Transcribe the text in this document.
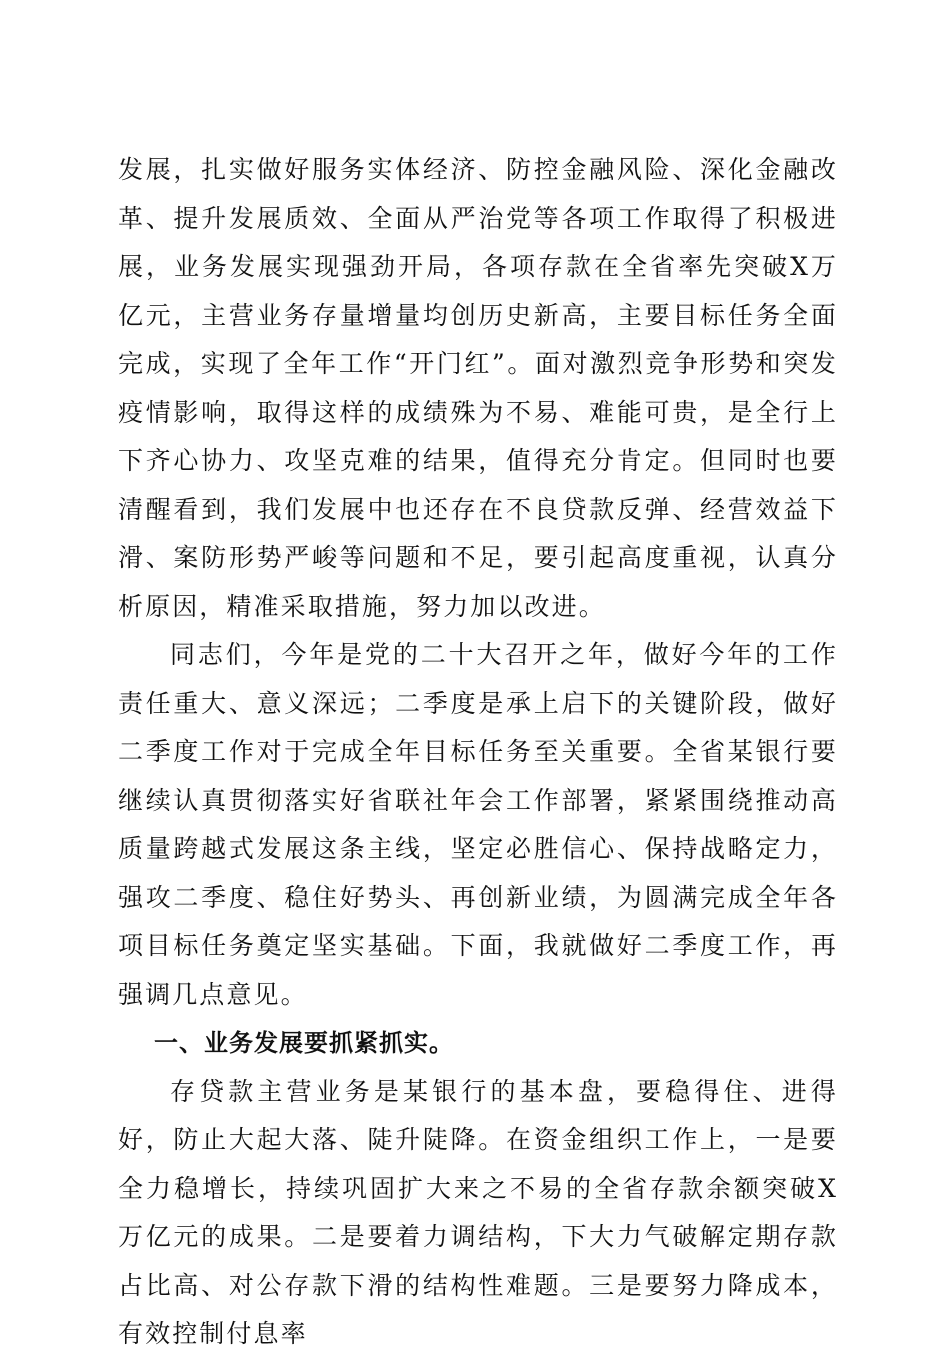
发展，扎实做好服务实体经济、防控金融风险、深化金融改革、提升发展质效、全面从严治党等各项工作取得了积极进展，业务发展实现强劲开局，各项存款在全省率先突破X万亿元，主营业务存量增量均创历史新高，主要目标任务全面完成，实现了全年工作“开门红”。面对激烈竞争形势和突发疫情影响，取得这样的成绩殊为不易、难能可贵，是全行上下齐心协力、攻坚克难的结果，值得充分肯定。但同时也要清醒看到，我们发展中也还存在不良贷款反弹、经营效益下滑、案防形势严峻等问题和不足，要引起高度重视，认真分析原因，精准采取措施，努力加以改进。

同志们，今年是党的二十大召开之年，做好今年的工作责任重大、意义深远；二季度是承上启下的关键阶段，做好二季度工作对于完成全年目标任务至关重要。全省某银行要继续认真贯彻落实好省联社年会工作部署，紧紧围绕推动高质量跨越式发展这条主线，坚定必胜信心、保持战略定力，强攻二季度、稳住好势头、再创新业绩，为圆满完成全年各项目标任务奠定坚实基础。下面，我就做好二季度工作，再强调几点意见。

一、业务发展要抓紧抓实。

存贷款主营业务是某银行的基本盘，要稳得住、进得好，防止大起大落、陡升陡降。在资金组织工作上，一是要全力稳增长，持续巩固扩大来之不易的全省存款余额突破X万亿元的成果。二是要着力调结构，下大力气破解定期存款占比高、对公存款下滑的结构性难题。三是要努力降成本，有效控制付息率
